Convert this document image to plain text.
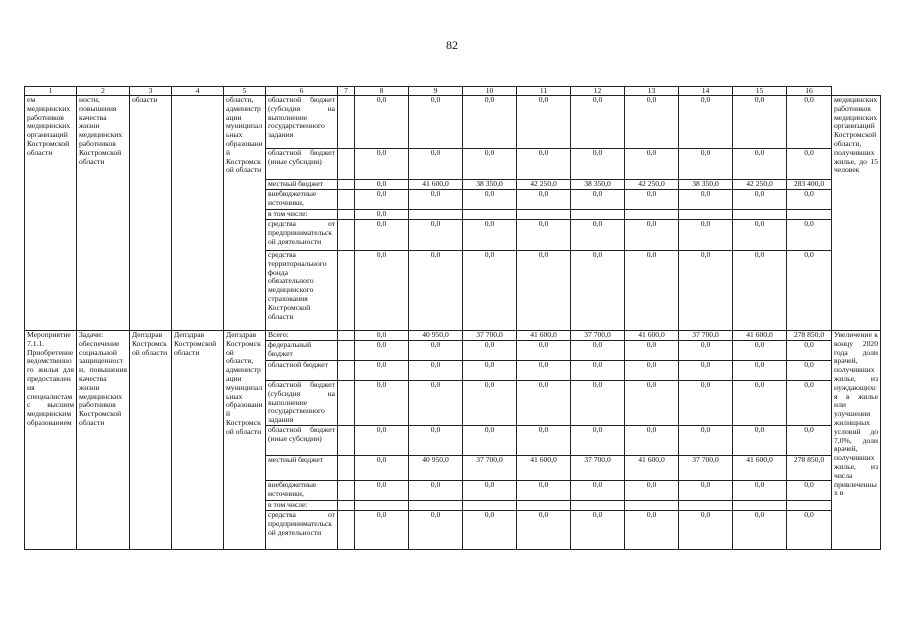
82
1	2	3	4	5	6	7	8	9	10	11	12	13	14	15	16	
ем медицинских работников медицинских организаций Костромской области	ности, повышения качества жизни медицинских работников Костромской области	области		области, администрации муниципальных образований Костромской области	областной бюджет (субсидия на выполнение государственного задания		0,0	0,0	0,0	0,0	0,0	0,0	0,0	0,0	0,0	медицинских работников медицинских организаций Костромской области, получивших жилье, до 15 человек
					областной бюджет (иные субсидии)		0,0	0,0	0,0	0,0	0,0	0,0	0,0	0,0	0,0	
					местный бюджет		0,0	41 600,0	38 350,0	42 250,0	38 350,0	42 250,0	38 350,0	42 250,0	283 400,0	
					внебюджетные источники,		0,0	0,0	0,0	0,0	0,0	0,0	0,0	0,0	0,0	
					в том числе:		0,0									
					средства от предпринимательской деятельности		0,0	0,0	0,0	0,0	0,0	0,0	0,0	0,0	0,0	
					средства территориального фонда обязательного медицинского страхования Костромской области		0,0	0,0	0,0	0,0	0,0	0,0	0,0	0,0	0,0	
Мероприятие 7.1.1. Приобретение ведомственного жилья для предоставления специалистам с высшим медицинским образованием	Задачи: обеспечение социальной защищенности, повышения качества жизни медицинских работников Костромской области	Депздрав Костромской области	Депздрав Костромской области	Депздрав Костромской области, администрации муниципальных образований Костромской области	Всего:		0,0	40 950,0	37 700,0	41 600,0	37 700,0	41 600,0	37 700,0	41 600,0	278 850,0	Увеличение к концу 2020 года доли врачей, получивших жилье, из нуждающихся в жилье или улучшении жилищных условий до 7,0%, доли врачей, получивших жилье, из числа привлеченных в
					федеральный бюджет		0,0	0,0	0,0	0,0	0,0	0,0	0,0	0,0	0,0	
					областной бюджет		0,0	0,0	0,0	0,0	0,0	0,0	0,0	0,0	0,0	
					областной бюджет (субсидия на выполнение государственного задания		0,0	0,0	0,0	0,0	0,0	0,0	0,0	0,0	0,0	
					областной бюджет (иные субсидии)		0,0	0,0	0,0	0,0	0,0	0,0	0,0	0,0	0,0	
					местный бюджет		0,0	40 950,0	37 700,0	41 600,0	37 700,0	41 600,0	37 700,0	41 600,0	278 850,0	
					внебюджетные источники,		0,0	0,0	0,0	0,0	0,0	0,0	0,0	0,0	0,0	
					в том числе:											
					средства от предпринимательской деятельности		0,0	0,0	0,0	0,0	0,0	0,0	0,0	0,0	0,0	
